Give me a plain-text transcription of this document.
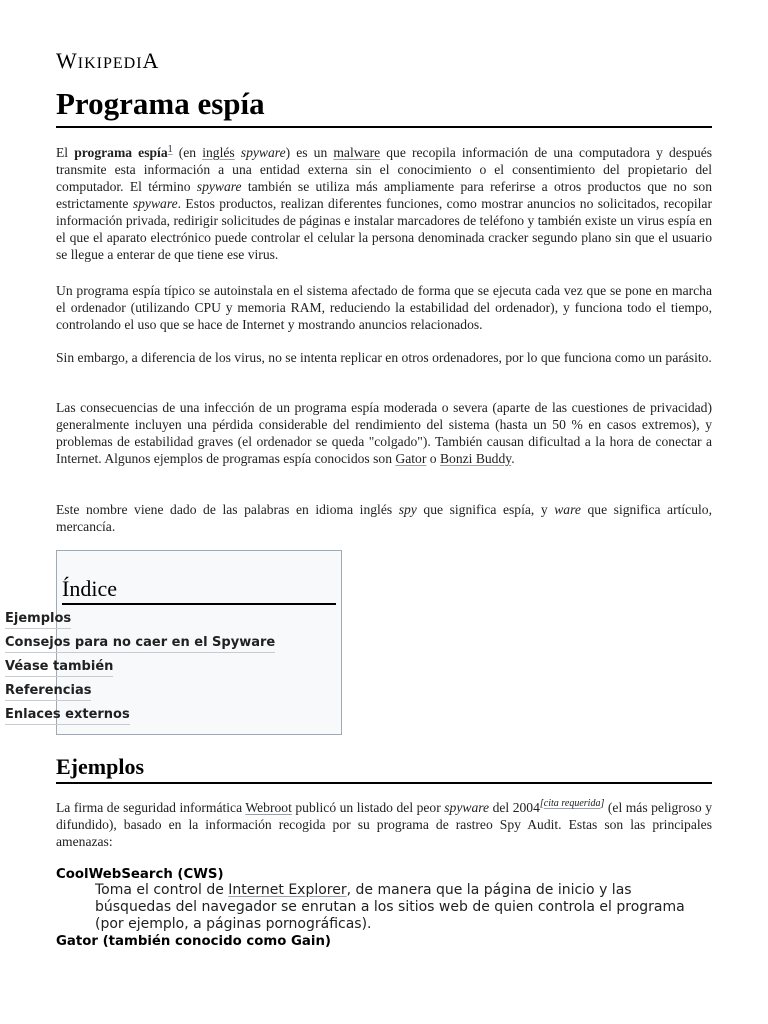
WIKIPEDIA
Programa espía

El programa espía$^1$ (en inglés spyware) es un malware que recopila información de una computadora y después transmite esta información a una entidad externa sin el conocimiento o el consentimiento del propietario del computador. El término spyware también se utiliza más ampliamente para referirse a otros productos que no son estrictamente spyware. Estos productos, realizan diferentes funciones, como mostrar anuncios no solicitados, recopilar información privada, redirigir solicitudes de páginas e instalar marcadores de teléfono y también existe un virus espía en el que el aparato electrónico puede controlar el celular la persona denominada cracker segundo plano sin que el usuario se llegue a enterar de que tiene ese virus.

Un programa espía típico se autoinstala en el sistema afectado de forma que se ejecuta cada vez que se pone en marcha el ordenador (utilizando CPU y memoria RAM, reduciendo la estabilidad del ordenador), y funciona todo el tiempo, controlando el uso que se hace de Internet y mostrando anuncios relacionados.

Sin embargo, a diferencia de los virus, no se intenta replicar en otros ordenadores, por lo que funciona como un parásito.

Las consecuencias de una infección de un programa espía moderada o severa (aparte de las cuestiones de privacidad) generalmente incluyen una pérdida considerable del rendimiento del sistema (hasta un 50 % en casos extremos), y problemas de estabilidad graves (el ordenador se queda "colgado"). También causan dificultad a la hora de conectar a Internet. Algunos ejemplos de programas espía conocidos son Gator o Bonzi Buddy.

Este nombre viene dado de las palabras en idioma inglés spy que significa espía, y ware que significa artículo, mercancía.

Índice
Ejemplos
Consejos para no caer en el Spyware
Véase también
Referencias
Enlaces externos
Ejemplos

La firma de seguridad informática Webroot publicó un listado del peor spyware del 2004[cita requerida] (el más peligroso y difundido), basado en la información recogida por su programa de rastreo Spy Audit. Estas son las principales amenazas:

CoolWebSearch (CWS)
Toma el control de Internet Explorer, de manera que la página de inicio y las búsquedas del navegador se enrutan a los sitios web de quien controla el programa (por ejemplo, a páginas pornográficas).
Gator (también conocido como Gain)
